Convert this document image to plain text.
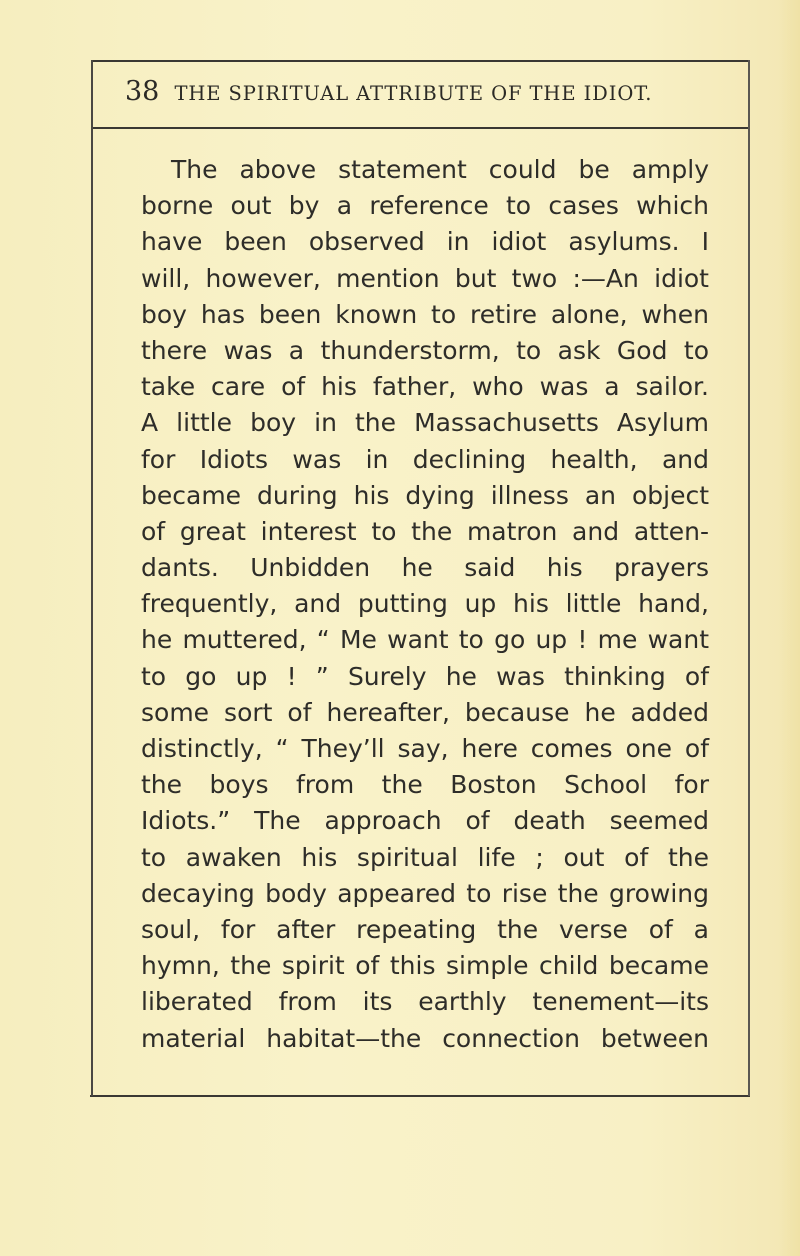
38 THE SPIRITUAL ATTRIBUTE OF THE IDIOT.
The above statement could be amply
borne out by a reference to cases which
have been observed in idiot asylums. I
will, however, mention but two :—An idiot
boy has been known to retire alone, when
there was a thunderstorm, to ask God to
take care of his father, who was a sailor.
A little boy in the Massachusetts Asylum
for Idiots was in declining health, and
became during his dying illness an object
of great interest to the matron and atten-
dants. Unbidden he said his prayers
frequently, and putting up his little hand,
he muttered, “ Me want to go up ! me want
to go up ! ” Surely he was thinking of
some sort of hereafter, because he added
distinctly, “ They’ll say, here comes one of
the boys from the Boston School for
Idiots.” The approach of death seemed
to awaken his spiritual life ; out of the
decaying body appeared to rise the growing
soul, for after repeating the verse of a
hymn, the spirit of this simple child became
liberated from its earthly tenement—its
material habitat—the connection between
